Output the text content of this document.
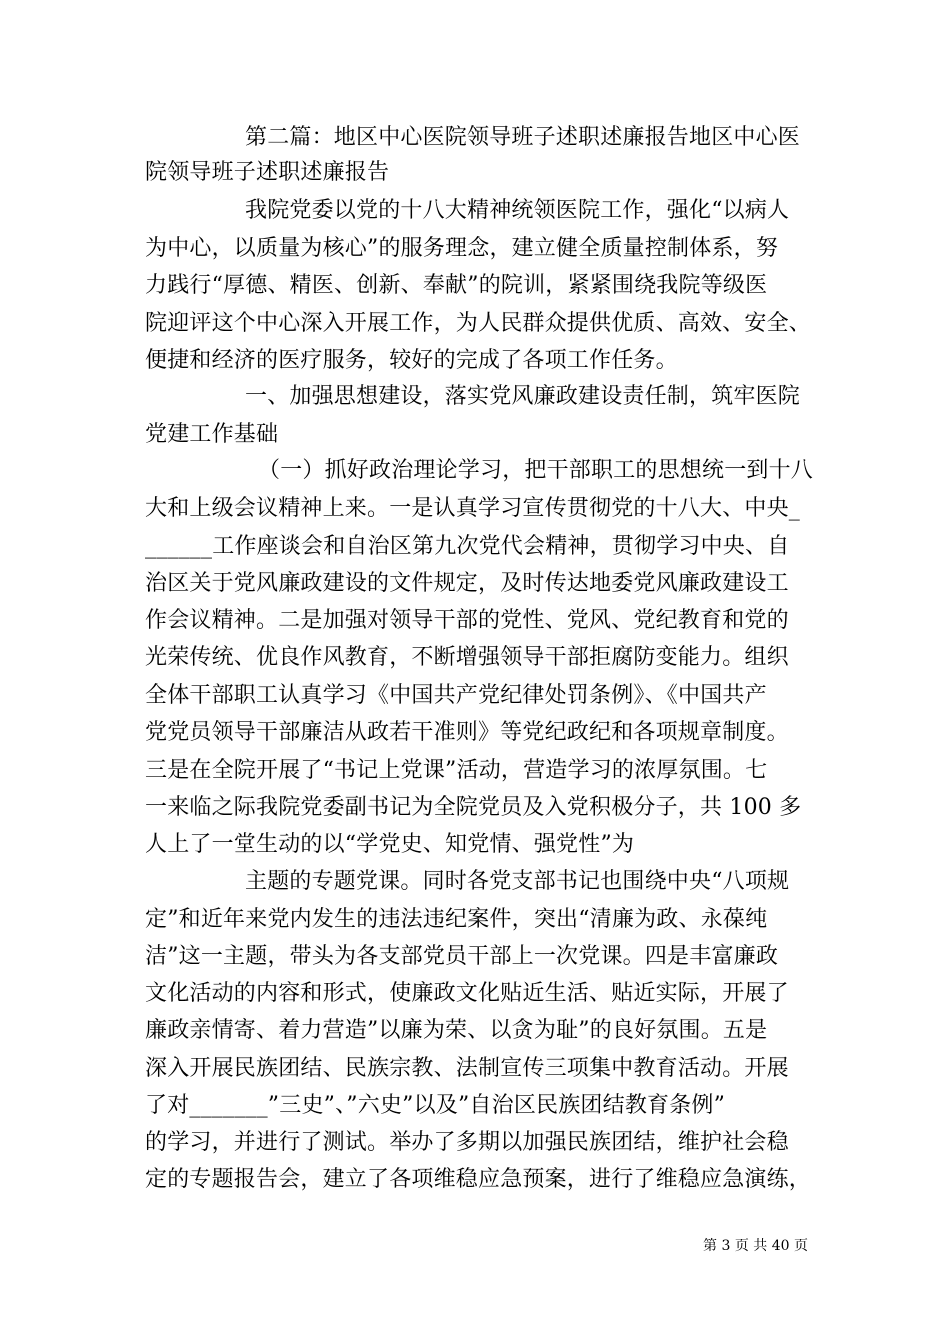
第二篇：地区中心医院领导班子述职述廉报告地区中心医
院领导班子述职述廉报告
我院党委以党的十八大精神统领医院工作，强化“以病人
为中心，以质量为核心”的服务理念，建立健全质量控制体系，努
力践行“厚德、精医、创新、奉献”的院训，紧紧围绕我院等级医
院迎评这个中心深入开展工作，为人民群众提供优质、高效、安全、
便捷和经济的医疗服务，较好的完成了各项工作任务。
一、加强思想建设，落实党风廉政建设责任制，筑牢医院
党建工作基础
（一）抓好政治理论学习，把干部职工的思想统一到十八
大和上级会议精神上来。一是认真学习宣传贯彻党的十八大、中央_
______工作座谈会和自治区第九次党代会精神，贯彻学习中央、自
治区关于党风廉政建设的文件规定，及时传达地委党风廉政建设工
作会议精神。二是加强对领导干部的党性、党风、党纪教育和党的
光荣传统、优良作风教育，不断增强领导干部拒腐防变能力。组织
全体干部职工认真学习《中国共产党纪律处罚条例》、《中国共产
党党员领导干部廉洁从政若干准则》等党纪政纪和各项规章制度。
三是在全院开展了“书记上党课”活动，营造学习的浓厚氛围。七
一来临之际我院党委副书记为全院党员及入党积极分子，共 100 多
人上了一堂生动的以“学党史、知党情、强党性”为
主题的专题党课。同时各党支部书记也围绕中央“八项规
定”和近年来党内发生的违法违纪案件，突出“清廉为政、永葆纯
洁”这一主题，带头为各支部党员干部上一次党课。四是丰富廉政
文化活动的内容和形式，使廉政文化贴近生活、贴近实际，开展了
廉政亲情寄、着力营造”以廉为荣、以贪为耻”的良好氛围。五是
深入开展民族团结、民族宗教、法制宣传三项集中教育活动。开展
了对_______”三史”、”六史”以及”自治区民族团结教育条例”
的学习，并进行了测试。举办了多期以加强民族团结，维护社会稳
定的专题报告会，建立了各项维稳应急预案，进行了维稳应急演练，
第 3 页 共 40 页
